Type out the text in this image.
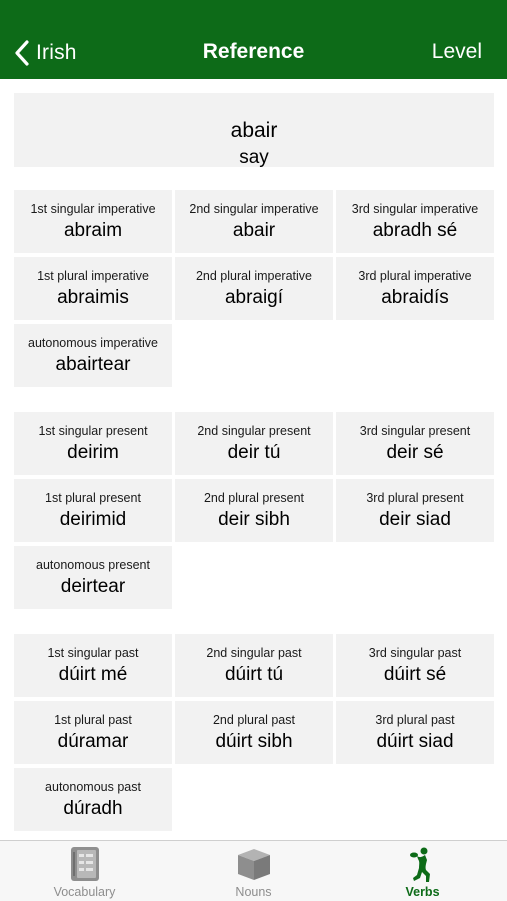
Irish	Reference	Level
abair
say
1st singular imperative
abraim
2nd singular imperative
abair
3rd singular imperative
abradh sé
1st plural imperative
abraimis
2nd plural imperative
abraigí
3rd plural imperative
abraidís
autonomous imperative
abairtear
1st singular present
deirim
2nd singular present
deir tú
3rd singular present
deir sé
1st plural present
deirimid
2nd plural present
deir sibh
3rd plural present
deir siad
autonomous present
deirtear
1st singular past
dúirt mé
2nd singular past
dúirt tú
3rd singular past
dúirt sé
1st plural past
dúramar
2nd plural past
dúirt sibh
3rd plural past
dúirt siad
autonomous past
dúradh
Vocabulary	Nouns	Verbs
